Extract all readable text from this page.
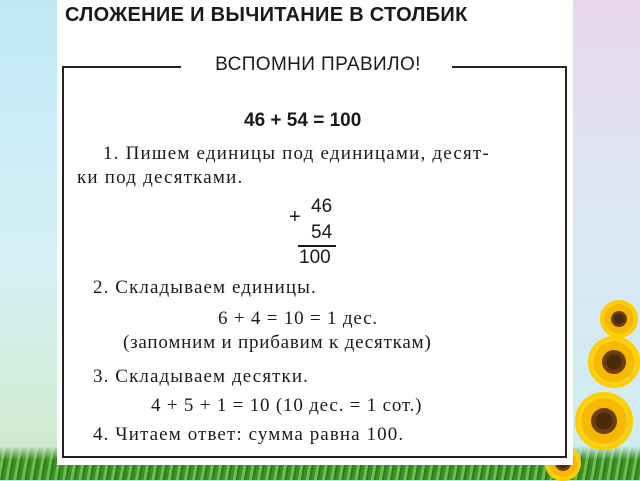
СЛОЖЕНИЕ И ВЫЧИТАНИЕ В СТОЛБИК
ВСПОМНИ ПРАВИЛО!
46 + 54 = 100
1. Пишем единицы под единицами, десят-
ки под десятками.
+ 46
54
100
2. Складываем единицы.
6 + 4 = 10 = 1 дес.
(запомним и прибавим к десяткам)
3. Складываем десятки.
4 + 5 + 1 = 10 (10 дес. = 1 сот.)
4. Читаем ответ: сумма равна 100.
